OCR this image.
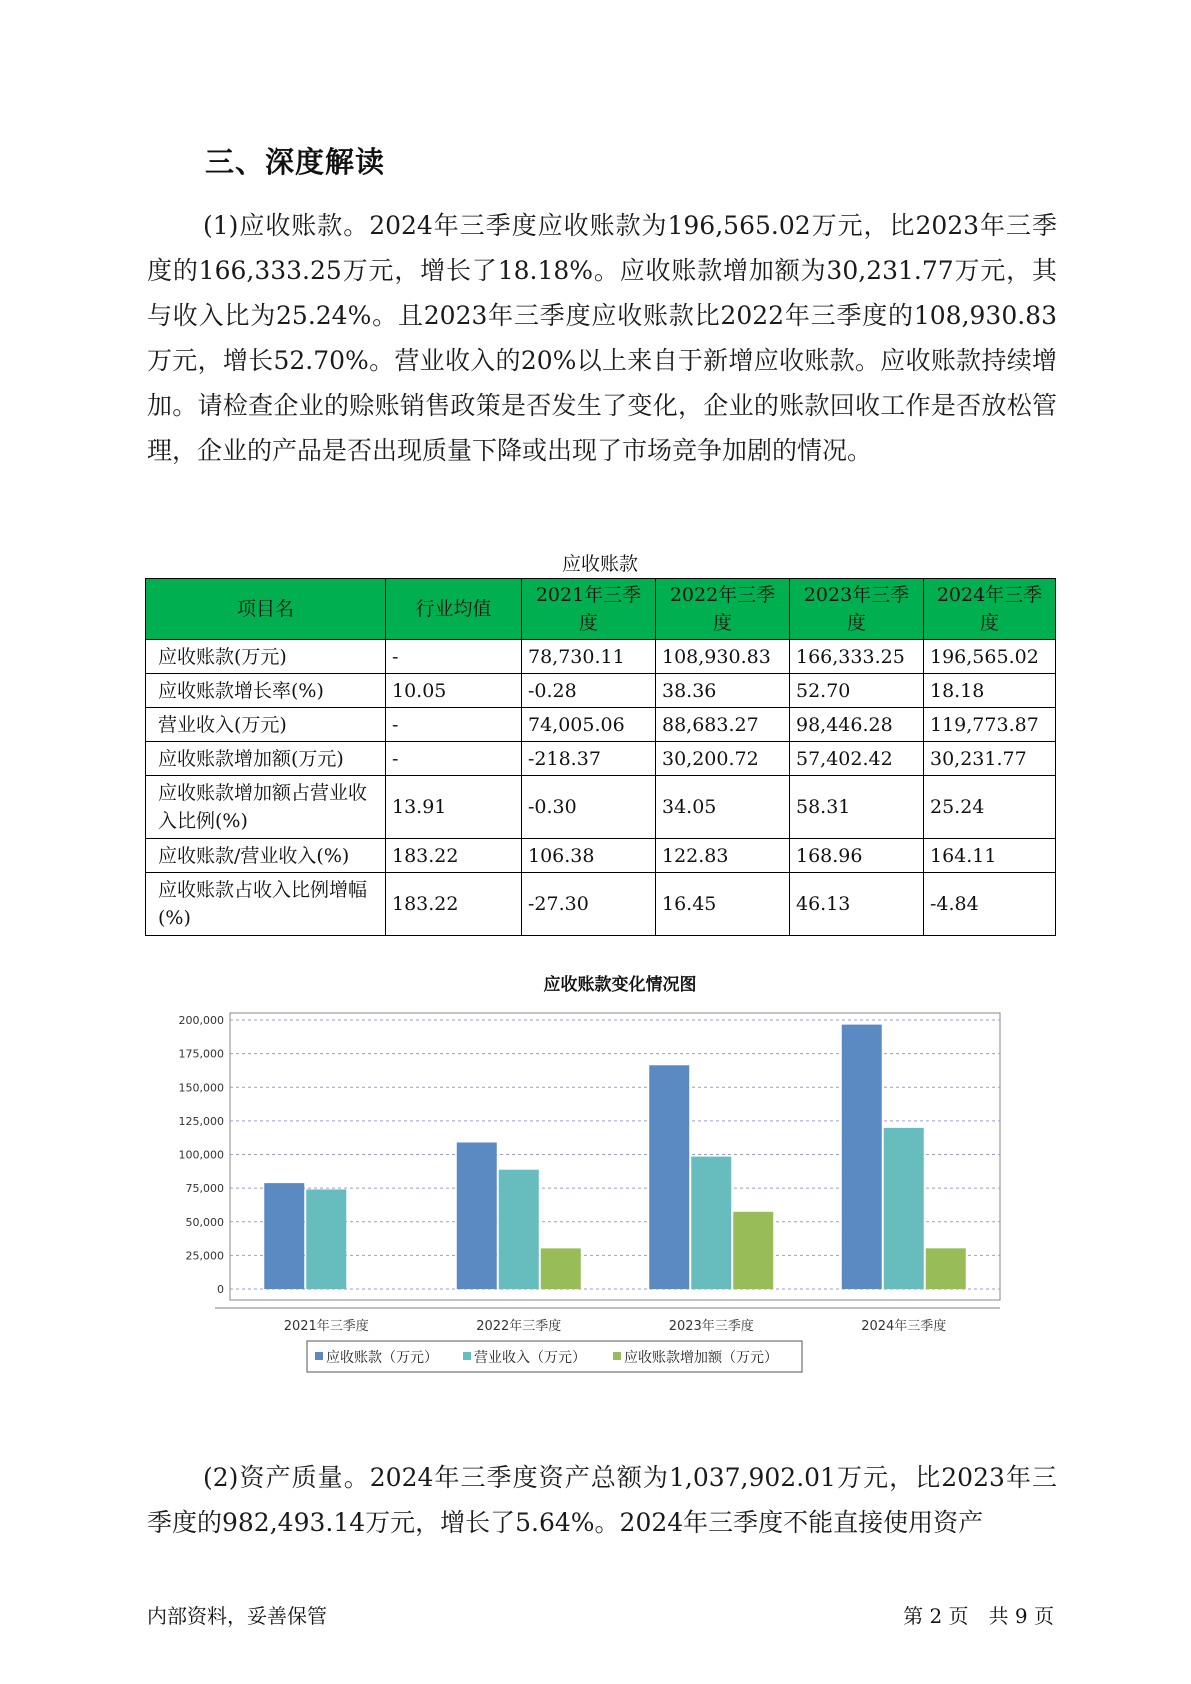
三、深度解读

(1)应收账款。2024年三季度应收账款为196,565.02万元，比2023年三季度的166,333.25万元，增长了18.18%。应收账款增加额为30,231.77万元，其与收入比为25.24%。且2023年三季度应收账款比2022年三季度的108,930.83万元，增长52.70%。营业收入的20%以上来自于新增应收账款。应收账款持续增加。请检查企业的赊账销售政策是否发生了变化，企业的账款回收工作是否放松管理，企业的产品是否出现质量下降或出现了市场竞争加剧的情况。

应收账款
项目名	行业均值	2021年三季度	2022年三季度	2023年三季度	2024年三季度
应收账款(万元)	-	78,730.11	108,930.83	166,333.25	196,565.02
应收账款增长率(%)	10.05	-0.28	38.36	52.70	18.18
营业收入(万元)	-	74,005.06	88,683.27	98,446.28	119,773.87
应收账款增加额(万元)	-	-218.37	30,200.72	57,402.42	30,231.77
应收账款增加额占营业收入比例(%)	13.91	-0.30	34.05	58.31	25.24
应收账款/营业收入(%)	183.22	106.38	122.83	168.96	164.11
应收账款占收入比例增幅(%)	183.22	-27.30	16.45	46.13	-4.84
应收账款变化情况图
0
25,000
50,000
75,000
100,000
125,000
150,000
175,000
200,000
2021年三季度	2022年三季度	2023年三季度	2024年三季度
应收账款（万元）	营业收入（万元）	应收账款增加额（万元）

(2)资产质量。2024年三季度资产总额为1,037,902.01万元，比2023年三季度的982,493.14万元，增长了5.64%。2024年三季度不能直接使用资产

内部资料，妥善保管	第 2 页　共 9 页
